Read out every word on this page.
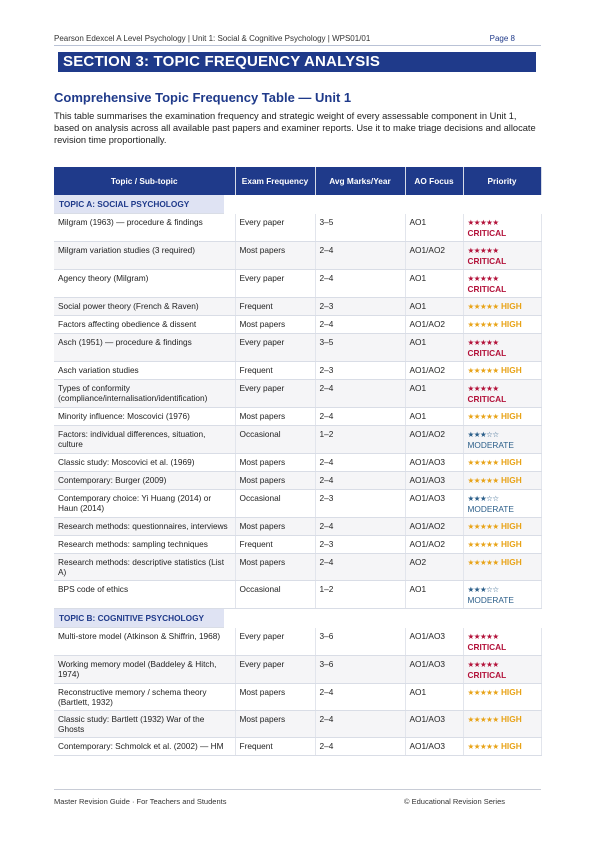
Pearson Edexcel A Level Psychology | Unit 1: Social & Cognitive Psychology | WPS01/01	Page 8
SECTION 3: TOPIC FREQUENCY ANALYSIS
Comprehensive Topic Frequency Table — Unit 1
This table summarises the examination frequency and strategic weight of every assessable component in Unit 1, based on analysis across all available past papers and examiner reports. Use it to make triage decisions and allocate revision time proportionally.
Topic / Sub-topic	Exam Frequency	Avg Marks/Year	AO Focus	Priority

TOPIC A: SOCIAL PSYCHOLOGY				

Milgram (1963) — procedure & findings	Every paper	3–5	AO1	★★★★★
CRITICAL
Milgram variation studies (3 required)	Most papers	2–4	AO1/AO2	★★★★★
CRITICAL
Agency theory (Milgram)	Every paper	2–4	AO1	★★★★★
CRITICAL
Social power theory (French & Raven)	Frequent	2–3	AO1	★★★★★ HIGH
Factors affecting obedience & dissent	Most papers	2–4	AO1/AO2	★★★★★ HIGH
Asch (1951) — procedure & findings	Every paper	3–5	AO1	★★★★★
CRITICAL
Asch variation studies	Frequent	2–3	AO1/AO2	★★★★★ HIGH
Types of conformity (compliance/internalisation/identification)	Every paper	2–4	AO1	★★★★★
CRITICAL
Minority influence: Moscovici (1976)	Most papers	2–4	AO1	★★★★★ HIGH
Factors: individual differences, situation, culture	Occasional	1–2	AO1/AO2	★★★☆☆
MODERATE
Classic study: Moscovici et al. (1969)	Most papers	2–4	AO1/AO3	★★★★★ HIGH
Contemporary: Burger (2009)	Most papers	2–4	AO1/AO3	★★★★★ HIGH
Contemporary choice: Yi Huang (2014) or Haun (2014)	Occasional	2–3	AO1/AO3	★★★☆☆
MODERATE
Research methods: questionnaires, interviews	Most papers	2–4	AO1/AO2	★★★★★ HIGH
Research methods: sampling techniques	Frequent	2–3	AO1/AO2	★★★★★ HIGH
Research methods: descriptive statistics (List A)	Most papers	2–4	AO2	★★★★★ HIGH
BPS code of ethics	Occasional	1–2	AO1	★★★☆☆
MODERATE

TOPIC B: COGNITIVE PSYCHOLOGY				

Multi-store model (Atkinson & Shiffrin, 1968)	Every paper	3–6	AO1/AO3	★★★★★
CRITICAL
Working memory model (Baddeley & Hitch, 1974)	Every paper	3–6	AO1/AO3	★★★★★
CRITICAL
Reconstructive memory / schema theory (Bartlett, 1932)	Most papers	2–4	AO1	★★★★★ HIGH
Classic study: Bartlett (1932) War of the Ghosts	Most papers	2–4	AO1/AO3	★★★★★ HIGH
Contemporary: Schmolck et al. (2002) — HM	Frequent	2–4	AO1/AO3	★★★★★ HIGH
Master Revision Guide · For Teachers and Students	© Educational Revision Series
